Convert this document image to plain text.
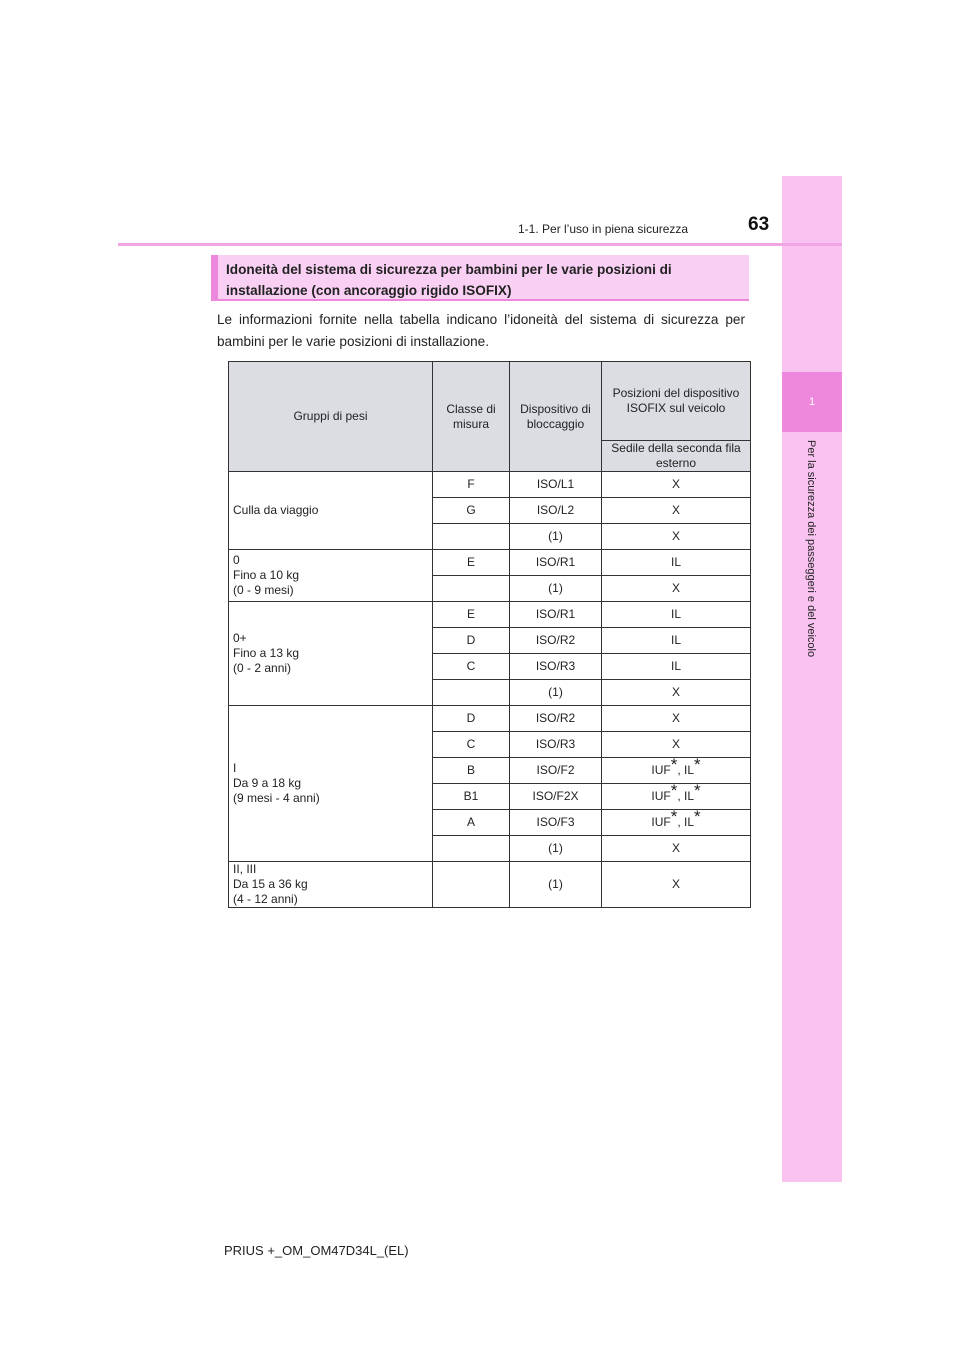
1
Per la sicurezza dei passeggeri e del veicolo
1-1. Per l’uso in piena sicurezza	63

Idoneità del sistema di sicurezza per bambini per le varie posizioni di

installazione (con ancoraggio rigido ISOFIX)

Le informazioni fornite nella tabella indicano l’idoneità del sistema di sicurezza per bambini per le varie posizioni di installazione.

Gruppi di pesi	Classe di misura	Dispositivo di bloccaggio	Posizioni del dispositivo ISOFIX sul veicolo
			Sedile della seconda fila esterno

Culla da viaggio	F	ISO/L1	X
	G	ISO/L2	X
		(1)	X

0
Fino a 10 kg
(0 - 9 mesi)	E	ISO/R1	IL
		(1)	X

0+
Fino a 13 kg
(0 - 2 anni)	E	ISO/R1	IL
	D	ISO/R2	IL
	C	ISO/R3	IL
		(1)	X

I
Da 9 a 18 kg
(9 mesi - 4 anni)	D	ISO/R2	X
	C	ISO/R3	X
	B	ISO/F2	IUF*, IL*
	B1	ISO/F2X	IUF*, IL*
	A	ISO/F3	IUF*, IL*
		(1)	X

II, III
Da 15 a 36 kg
(4 - 12 anni)		(1)	X
PRIUS +_OM_OM47D34L_(EL)
